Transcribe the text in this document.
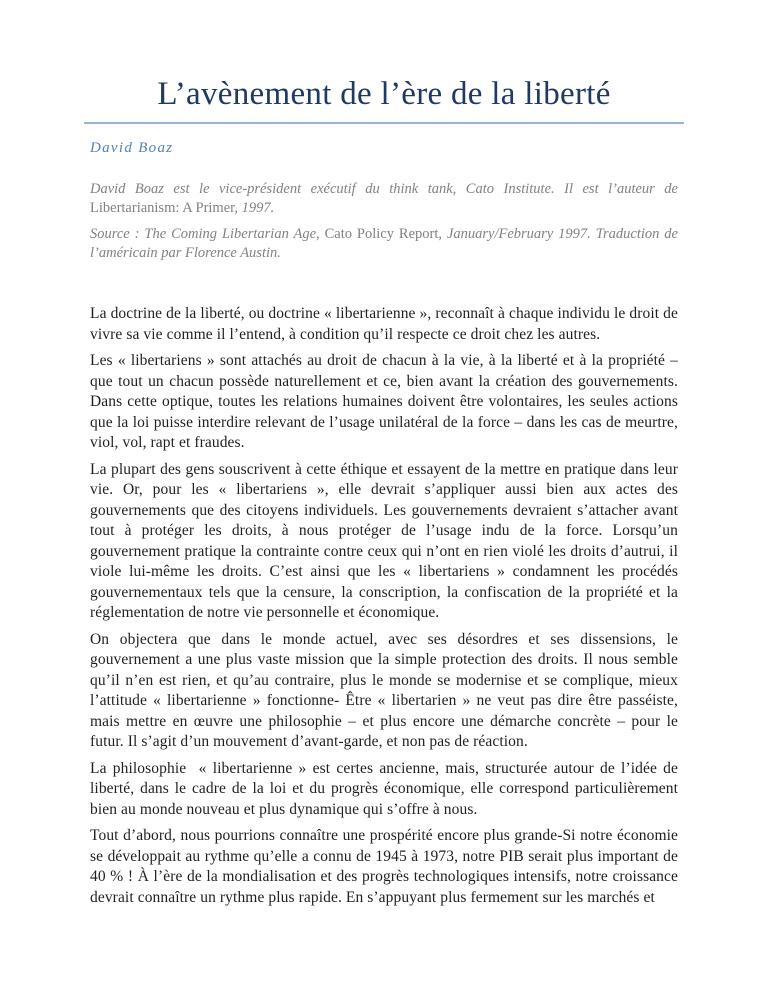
L’avènement de l’ère de la liberté

David Boaz

David Boaz est le vice-président exécutif du think tank, Cato Institute. Il est l’auteur de Libertarianism: A Primer, 1997.

Source : The Coming Libertarian Age, Cato Policy Report, January/February 1997. Traduction de l’américain par Florence Austin.

La doctrine de la liberté, ou doctrine « libertarienne », reconnaît à chaque individu le droit de vivre sa vie comme il l’entend, à condition qu’il respecte ce droit chez les autres.

Les « libertariens » sont attachés au droit de chacun à la vie, à la liberté et à la propriété – que tout un chacun possède naturellement et ce, bien avant la création des gouvernements. Dans cette optique, toutes les relations humaines doivent être volontaires, les seules actions que la loi puisse interdire relevant de l’usage unilatéral de la force – dans les cas de meurtre, viol, vol, rapt et fraudes.

La plupart des gens souscrivent à cette éthique et essayent de la mettre en pratique dans leur vie. Or, pour les « libertariens », elle devrait s’appliquer aussi bien aux actes des gouvernements que des citoyens individuels. Les gouvernements devraient s’attacher avant tout à protéger les droits, à nous protéger de l’usage indu de la force. Lorsqu’un gouvernement pratique la contrainte contre ceux qui n’ont en rien violé les droits d’autrui, il viole lui-même les droits. C’est ainsi que les « libertariens » condamnent les procédés gouvernementaux tels que la censure, la conscription, la confiscation de la propriété et la réglementation de notre vie personnelle et économique.

On objectera que dans le monde actuel, avec ses désordres et ses dissensions, le gouvernement a une plus vaste mission que la simple protection des droits. Il nous semble qu’il n’en est rien, et qu’au contraire, plus le monde se modernise et se complique, mieux l’attitude « libertarienne » fonctionne- Être « libertarien » ne veut pas dire être passéiste, mais mettre en œuvre une philosophie – et plus encore une démarche concrète – pour le futur. Il s’agit d’un mouvement d’avant-garde, et non pas de réaction.

La philosophie  « libertarienne » est certes ancienne, mais, structurée autour de l’idée de liberté, dans le cadre de la loi et du progrès économique, elle correspond particulièrement bien au monde nouveau et plus dynamique qui s’offre à nous.

Tout d’abord, nous pourrions connaître une prospérité encore plus grande-Si notre économie se développait au rythme qu’elle a connu de 1945 à 1973, notre PIB serait plus important de 40 % ! À l’ère de la mondialisation et des progrès technologiques intensifs, notre croissance devrait connaître un rythme plus rapide. En s’appuyant plus fermement sur les marchés et
